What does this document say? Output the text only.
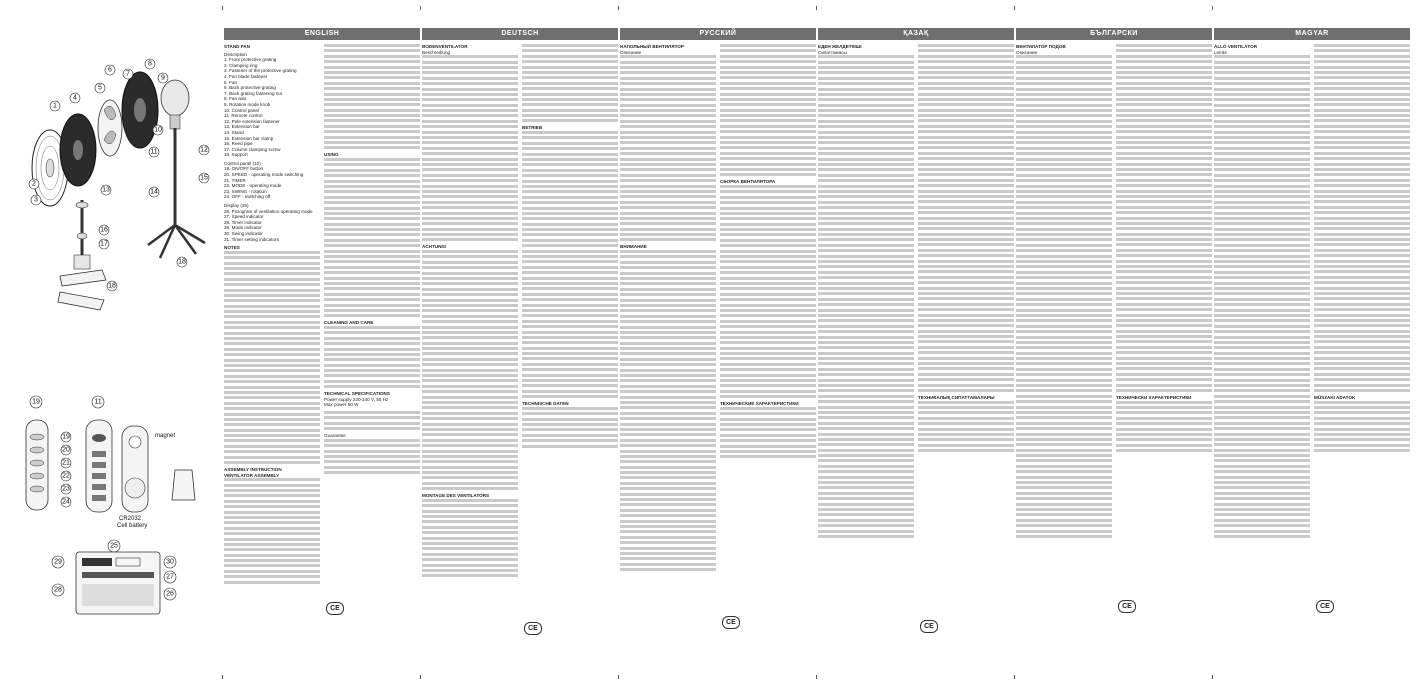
1
2
3
4
5
6
7
8
9
10
11	12
13	14
15
16
17
18
18
19	11
19
20
21
22
23
24
magnet
CR2032
Cell battery
25
29
28
30
27
26
ENGLISH	DEUTSCH	РУССКИЙ	ҚАЗАҚ	БЪЛГАРСКИ	MAGYAR
STAND FAN
Description
1. Front protective grating
2. Clamping ring
3. Fastener of the protective grating
4. Fan blade fastener
5. Fan
6. Back protective grating
7. Back grating fastening nut
8. Fan axis
9. Rotation mode knob
10. Control panel
11. Remote control
12. Pole extension fastener
13. Extension bar
14. Stand
15. Extension bar clamp
16. Reed pipe
17. Column clamping screw
18. Support
Control panel (10)
19. ON/OFF button
20. SPEED - operating mode switching
21. TIMER
22. MODE - operating mode
23. SWING - rotation
24. OFF - switching off
Display (25)
26. Pictogram of ventilation operating mode
27. Speed indicator
28. Timer indicator
29. Mode indicator
30. Swing indicator
31. Timer setting indicators
NOTES
ASSEMBLY INSTRUCTION
VENTILATOR ASSEMBLY
USING
CLEANING AND CARE
TECHNICAL SPECIFICATIONS
Power supply 220-240 V, 50 Hz
Max power 50 W
Guarantee
BODENVENTILATOR
Beschreibung
ACHTUNG!
MONTAGE DES VENTILATORS
BETRIEB
TECHNISCHE DATEN
НАПОЛЬНЫЙ ВЕНТИЛЯТОР
Описание
ВНИМАНИЕ
СБОРКА ВЕНТИЛЯТОРА
ТЕХНИЧЕСКИЕ ХАРАКТЕРИСТИКИ
ЕДЕН ЖЕЛДЕТКІШІ
Сипаттамасы
ТЕХНИКАЛЫҚ СИПАТТАМАЛАРЫ
ВЕНТИЛАТОР ПОДОВ
Описание
ТЕХНИЧЕСКИ ХАРАКТЕРИСТИКИ
ÁLLÓ VENTILÁTOR
Leírás
MŰSZAKI ADATOK
CE
CE
CE
CE
CE	CE
